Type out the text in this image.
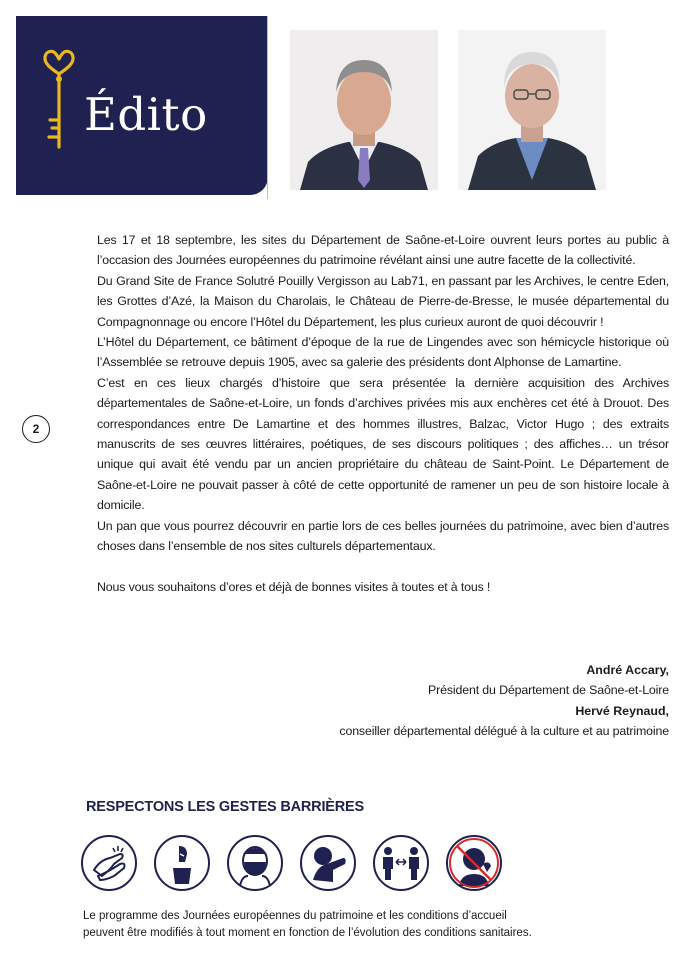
Édito
2

Les 17 et 18 septembre, les sites du Département de Saône-et-Loire ouvrent leurs portes au public à l’occasion des Journées européennes du patrimoine révélant ainsi une autre facette de la collectivité.

Du Grand Site de France Solutré Pouilly Vergisson au Lab71, en passant par les Archives, le centre Eden, les Grottes d’Azé, la Maison du Charolais, le Château de Pierre-de-Bresse, le musée départemental du Compagnonnage ou encore l’Hôtel du Département, les plus curieux auront de quoi découvrir !

L’Hôtel du Département, ce bâtiment d’époque de la rue de Lingendes avec son hémicycle historique où l’Assemblée se retrouve depuis 1905, avec sa galerie des présidents dont Alphonse de Lamartine.

C’est en ces lieux chargés d’histoire que sera présentée la dernière acquisition des Archives départementales de Saône-et-Loire, un fonds d’archives privées mis aux enchères cet été à Drouot. Des correspondances entre De Lamartine et des hommes illustres, Balzac, Victor Hugo ; des extraits manuscrits de ses œuvres littéraires, poétiques, de ses discours politiques ; des affiches… un trésor unique qui avait été vendu par un ancien propriétaire du château de Saint-Point. Le Département de Saône-et-Loire ne pouvait passer à côté de cette opportunité de ramener un peu de son histoire locale à domicile.

Un pan que vous pourrez découvrir en partie lors de ces belles journées du patrimoine, avec bien d’autres choses dans l’ensemble de nos sites culturels départementaux.

Nous vous souhaitons d’ores et déjà de bonnes visites à toutes et à tous !

André Accary,
Président du Département de Saône-et-Loire
Hervé Reynaud,
conseiller départemental délégué à la culture et au patrimoine
RESPECTONS LES GESTES BARRIÈRES
Le programme des Journées européennes du patrimoine et les conditions d’accueil
peuvent être modifiés à tout moment en fonction de l’évolution des conditions sanitaires.
